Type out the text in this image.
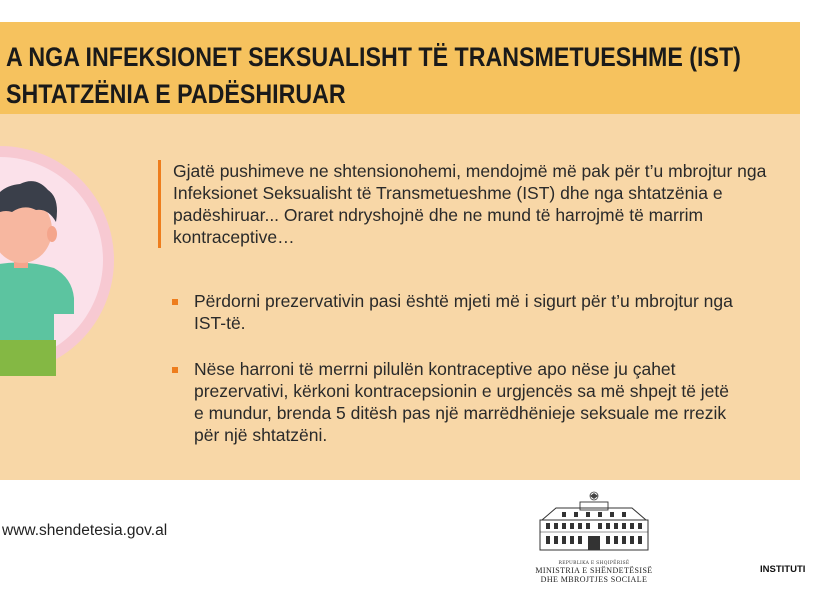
A NGA INFEKSIONET SEKSUALISHT TË TRANSMETUESHME (IST)
SHTATZËNIA E PADËSHIRUAR
Gjatë pushimeve ne shtensionohemi, mendojmë më pak për t’u mbrojtur nga
Infeksionet Seksualisht të Transmetueshme (IST) dhe nga shtatzënia e
padëshiruar... Oraret ndryshojnë dhe ne mund të harrojmë të marrim
kontraceptive…
Përdorni prezervativin pasi është mjeti më i sigurt për t’u mbrojtur nga
IST-të.
Nëse harroni të merrni pilulën kontraceptive apo nëse ju çahet
prezervativi, kërkoni kontracepsionin e urgjencës sa më shpejt të jetë
e mundur, brenda 5 ditësh pas një marrëdhënieje seksuale me rrezik
për një shtatzëni.
www.shendetesia.gov.al
REPUBLIKA E SHQIPËRISË
MINISTRIA E SHËNDETËSISË
DHE MBROJTJES SOCIALE
INSTITUTI
